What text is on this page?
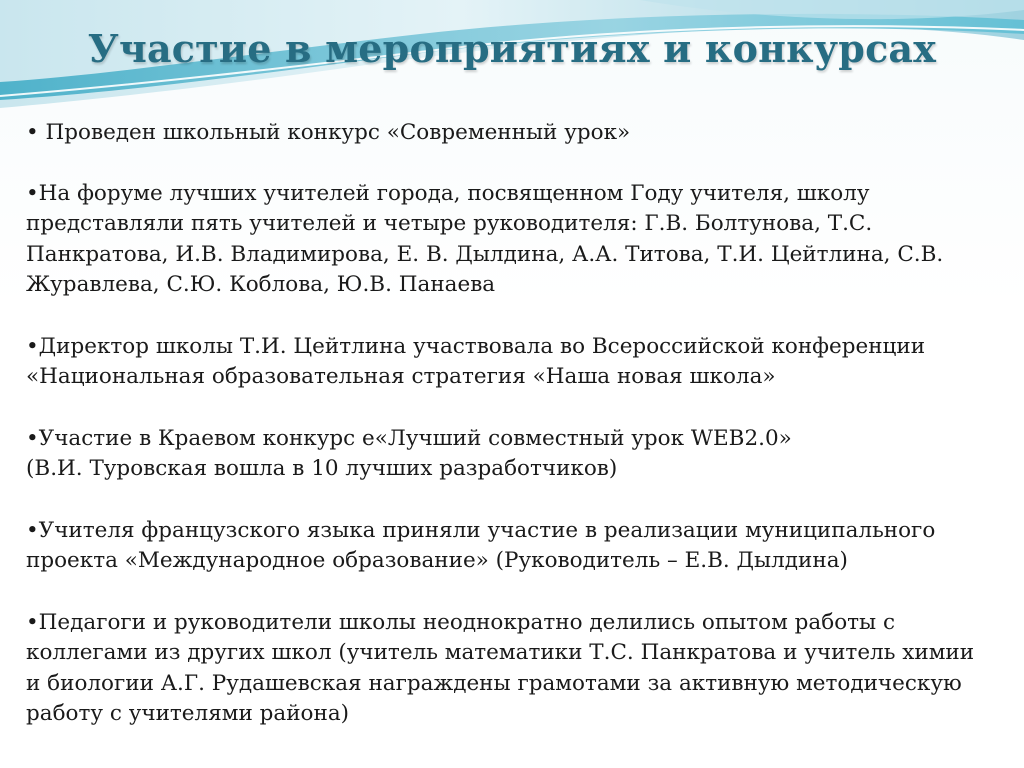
Участие в мероприятиях и конкурсах

• Проведен школьный конкурс «Современный урок»

•На форуме лучших учителей города, посвященном Году учителя, школу
представляли пять учителей и четыре руководителя: Г.В. Болтунова, Т.С.
Панкратова, И.В. Владимирова, Е. В. Дылдина, А.А. Титова, Т.И. Цейтлина, С.В.
Журавлева, С.Ю. Коблова, Ю.В. Панаева

•Директор школы Т.И. Цейтлина участвовала во Всероссийской конференции
«Национальная образовательная стратегия «Наша новая школа»

•Участие в Краевом конкурс е«Лучший совместный урок WEB2.0»
(В.И. Туровская вошла в 10 лучших разработчиков)

•Учителя французского языка приняли участие в реализации муниципального
проекта «Международное образование» (Руководитель – Е.В. Дылдина)

•Педагоги и руководители школы неоднократно делились опытом работы с
коллегами из других школ (учитель математики Т.С. Панкратова и учитель химии
и биологии А.Г. Рудашевская награждены грамотами за активную методическую
работу с учителями района)
